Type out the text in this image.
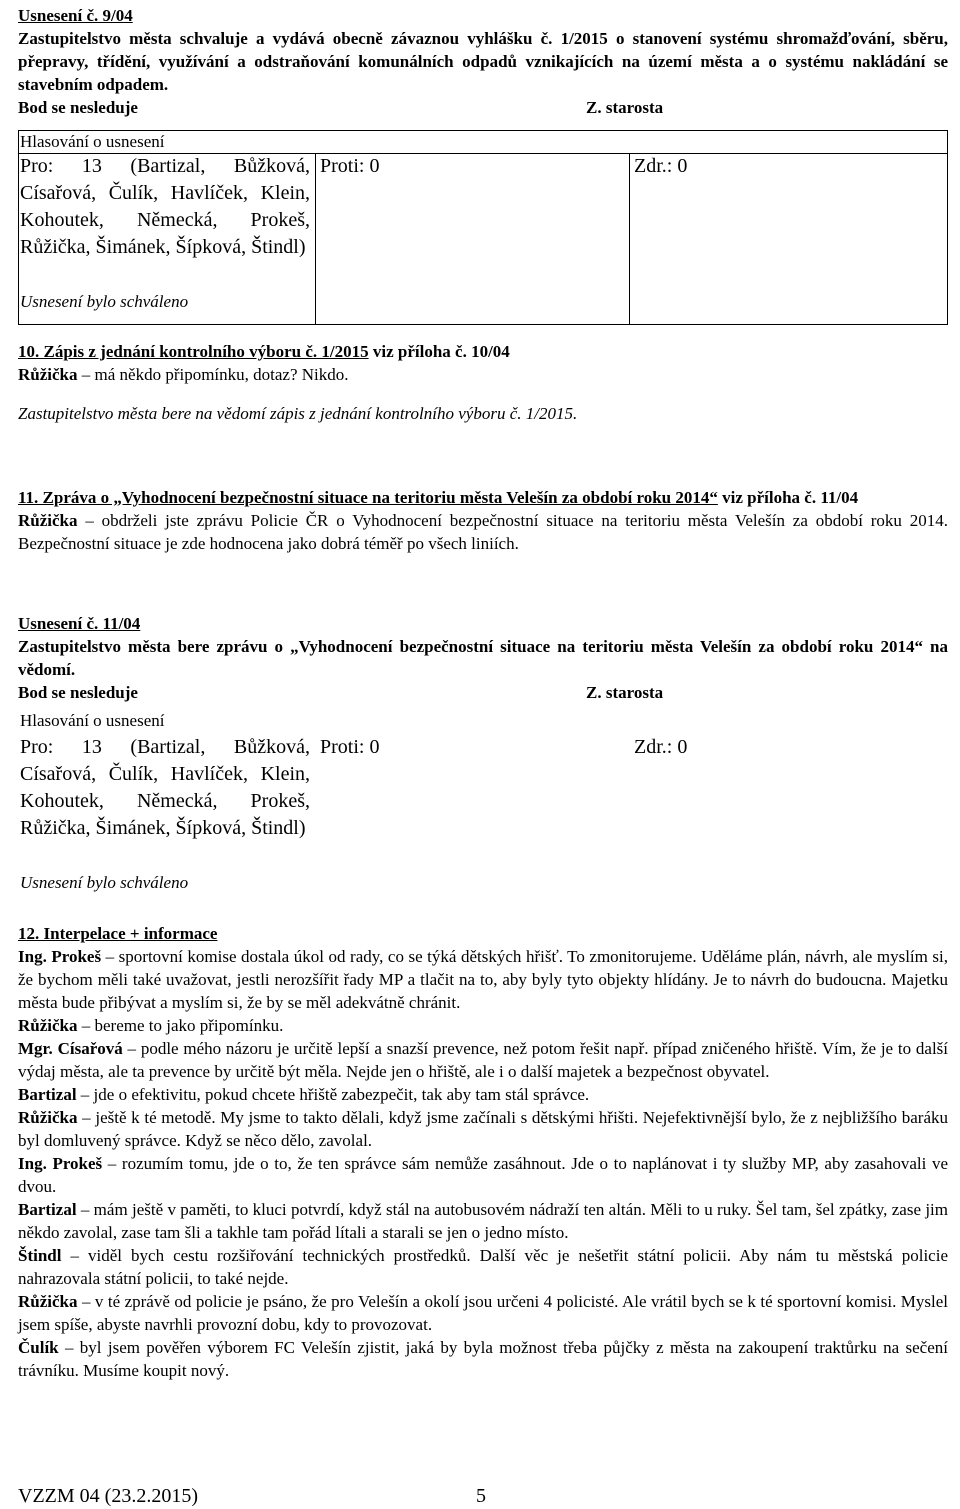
Usnesení č. 9/04

Zastupitelstvo města schvaluje a vydává obecně závaznou vyhlášku č. 1/2015 o stanovení systému shromažďování, sběru, přepravy, třídění, využívání a odstraňování komunálních odpadů vznikajících na území města a o systému nakládání se stavebním odpadem.

Bod se nesleduje	Z. starosta
Hlasování o usnesení
Pro: 13 (Bartizal, Bůžková, Císařová, Čulík, Havlíček, Klein, Kohoutek, Německá, Prokeš, Růžička, Šimánek, Šípková, Štindl)
Proti: 0	Zdr.: 0
Usnesení bylo schváleno

10. Zápis z jednání kontrolního výboru č. 1/2015 viz příloha č. 10/04

Růžička – má někdo připomínku, dotaz? Nikdo.

Zastupitelstvo města bere na vědomí zápis z jednání kontrolního výboru č. 1/2015.

11. Zpráva o „Vyhodnocení bezpečnostní situace na teritoriu města Velešín za období roku 2014“ viz příloha č. 11/04

Růžička – obdrželi jste zprávu Policie ČR o Vyhodnocení bezpečnostní situace na teritoriu města Velešín za období roku 2014. Bezpečnostní situace je zde hodnocena jako dobrá téměř po všech liniích.

Usnesení č. 11/04

Zastupitelstvo města bere zprávu o „Vyhodnocení bezpečnostní situace na teritoriu města Velešín za období roku 2014“ na vědomí.

Bod se nesleduje	Z. starosta
Hlasování o usnesení
Pro: 13 (Bartizal, Bůžková, Císařová, Čulík, Havlíček, Klein, Kohoutek, Německá, Prokeš, Růžička, Šimánek, Šípková, Štindl)
Proti: 0	Zdr.: 0
Usnesení bylo schváleno

12. Interpelace + informace

Ing. Prokeš – sportovní komise dostala úkol od rady, co se týká dětských hřišť. To zmonitorujeme. Uděláme plán, návrh, ale myslím si, že bychom měli také uvažovat, jestli nerozšířit řady MP a tlačit na to, aby byly tyto objekty hlídány. Je to návrh do budoucna. Majetku města bude přibývat a myslím si, že by se měl adekvátně chránit.

Růžička – bereme to jako připomínku.

Mgr. Císařová – podle mého názoru je určitě lepší a snazší prevence, než potom řešit např. případ zničeného hřiště. Vím, že je to další výdaj města, ale ta prevence by určitě být měla. Nejde jen o hřiště, ale i o další majetek a bezpečnost obyvatel.

Bartizal – jde o efektivitu, pokud chcete hřiště zabezpečit, tak aby tam stál správce.

Růžička – ještě k té metodě. My jsme to takto dělali, když jsme začínali s dětskými hřišti. Nejefektivnější bylo, že z nejbližšího baráku byl domluvený správce. Když se něco dělo, zavolal.

Ing. Prokeš – rozumím tomu, jde o to, že ten správce sám nemůže zasáhnout. Jde o to naplánovat i ty služby MP, aby zasahovali ve dvou.

Bartizal – mám ještě v paměti, to kluci potvrdí, když stál na autobusovém nádraží ten altán. Měli to u ruky. Šel tam, šel zpátky, zase jim někdo zavolal, zase tam šli a takhle tam pořád lítali a starali se jen o jedno místo.

Štindl – viděl bych cestu rozšiřování technických prostředků. Další věc je nešetřit státní policii. Aby nám tu městská policie nahrazovala státní policii, to také nejde.

Růžička – v té zprávě od policie je psáno, že pro Velešín a okolí jsou určeni 4 policisté. Ale vrátil bych se k té sportovní komisi. Myslel jsem spíše, abyste navrhli provozní dobu, kdy to provozovat.

Čulík – byl jsem pověřen výborem FC Velešín zjistit, jaká by byla možnost třeba půjčky z města na zakoupení traktůrku na sečení trávníku. Musíme koupit nový.

VZZM 04 (23.2.2015)	5
